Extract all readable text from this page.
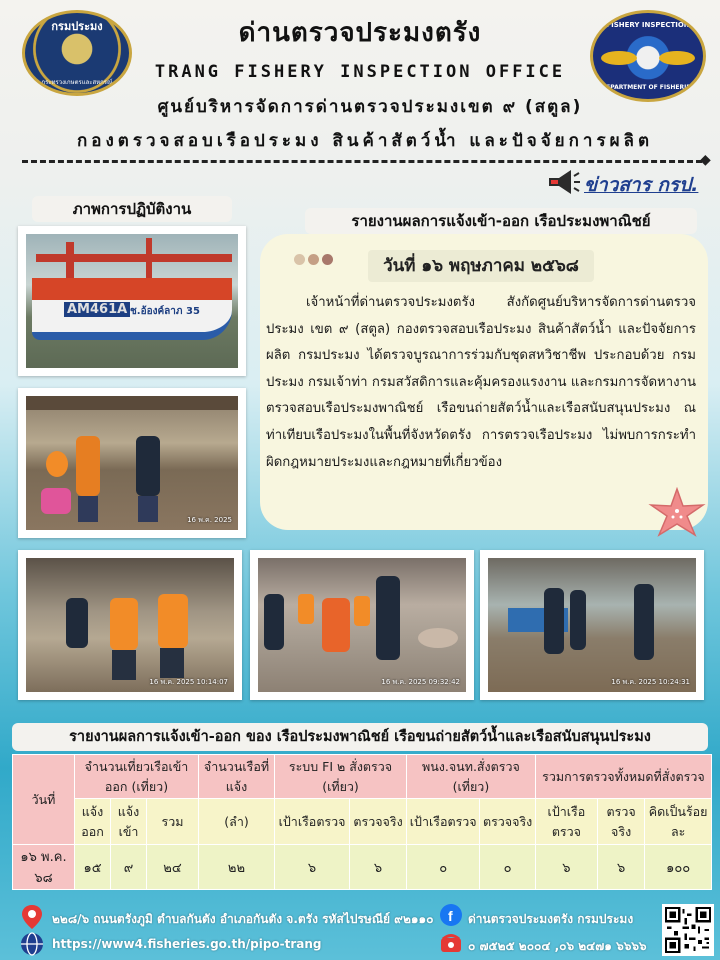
กรมประมง
กระทรวงเกษตรและสหกรณ์
ด่านตรวจประมงตรัง
TRANG FISHERY INSPECTION OFFICE
FISHERY INSPECTION
DEPARTMENT OF FISHERIES
ศูนย์บริหารจัดการด่านตรวจประมงเขต ๙ (สตูล)
กองตรวจสอบเรือประมง สินค้าสัตว์น้ำ และปัจจัยการผลิต
◆
ข่าวสาร กรป.
ภาพการปฏิบัติงาน
รายงานผลการแจ้งเข้า-ออก เรือประมงพาณิชย์
AM461A ช.อ้องค์ลาภ 35
16 พ.ค. 2025
16 พ.ค. 2025 10:14:07	16 พ.ค. 2025 09:32:42	16 พ.ค. 2025 10:24:31
วันที่ ๑๖ พฤษภาคม ๒๕๖๘
เจ้าหน้าที่ด่านตรวจประมงตรัง สังกัดศูนย์บริหารจัดการด่านตรวจประมง เขต ๙ (สตูล) กองตรวจสอบเรือประมง สินค้าสัตว์น้ำ และปัจจัยการผลิต กรมประมง ได้ตรวจบูรณาการร่วมกับชุดสหวิชาชีพ ประกอบด้วย กรมประมง กรมเจ้าท่า กรมสวัสดิการและคุ้มครองแรงงาน และกรมการจัดหางาน ตรวจสอบเรือประมงพาณิชย์ เรือขนถ่ายสัตว์น้ำและเรือสนับสนุนประมง ณ ท่าเทียบเรือประมงในพื้นที่จังหวัดตรัง การตรวจเรือประมง ไม่พบการกระทำผิดกฎหมายประมงและกฎหมายที่เกี่ยวข้อง
รายงานผลการแจ้งเข้า-ออก ของ เรือประมงพาณิชย์ เรือขนถ่ายสัตว์น้ำและเรือสนับสนุนประมง
วันที่	จำนวนเที่ยวเรือเข้าออก (เที่ยว)			จำนวนเรือที่แจ้ง	ระบบ FI ๒ สั่งตรวจ (เที่ยว)		พนง.จนท.สั่งตรวจ (เที่ยว)		รวมการตรวจทั้งหมดที่สั่งตรวจ		
	แจ้งออก	แจ้งเข้า	รวม	(ลำ)	เป้าเรือตรวจ	ตรวจจริง	เป้าเรือตรวจ	ตรวจจริง	เป้าเรือตรวจ	ตรวจจริง	คิดเป็นร้อยละ
๑๖ พ.ค. ๖๘	๑๕	๙	๒๔	๒๒	๖	๖	๐	๐	๖	๖	๑๐๐
๒๒๘/๖ ถนนตรังภูมิ ตำบลกันตัง อำเภอกันตัง จ.ตรัง รหัสไปรษณีย์ ๙๒๑๑๐
https://www4.fisheries.go.th/pipo-trang
f ด่านตรวจประมงตรัง กรมประมง
๐ ๗๕๒๕ ๒๐๐๔ ,๐๖ ๒๔๗๑ ๖๖๖๖
